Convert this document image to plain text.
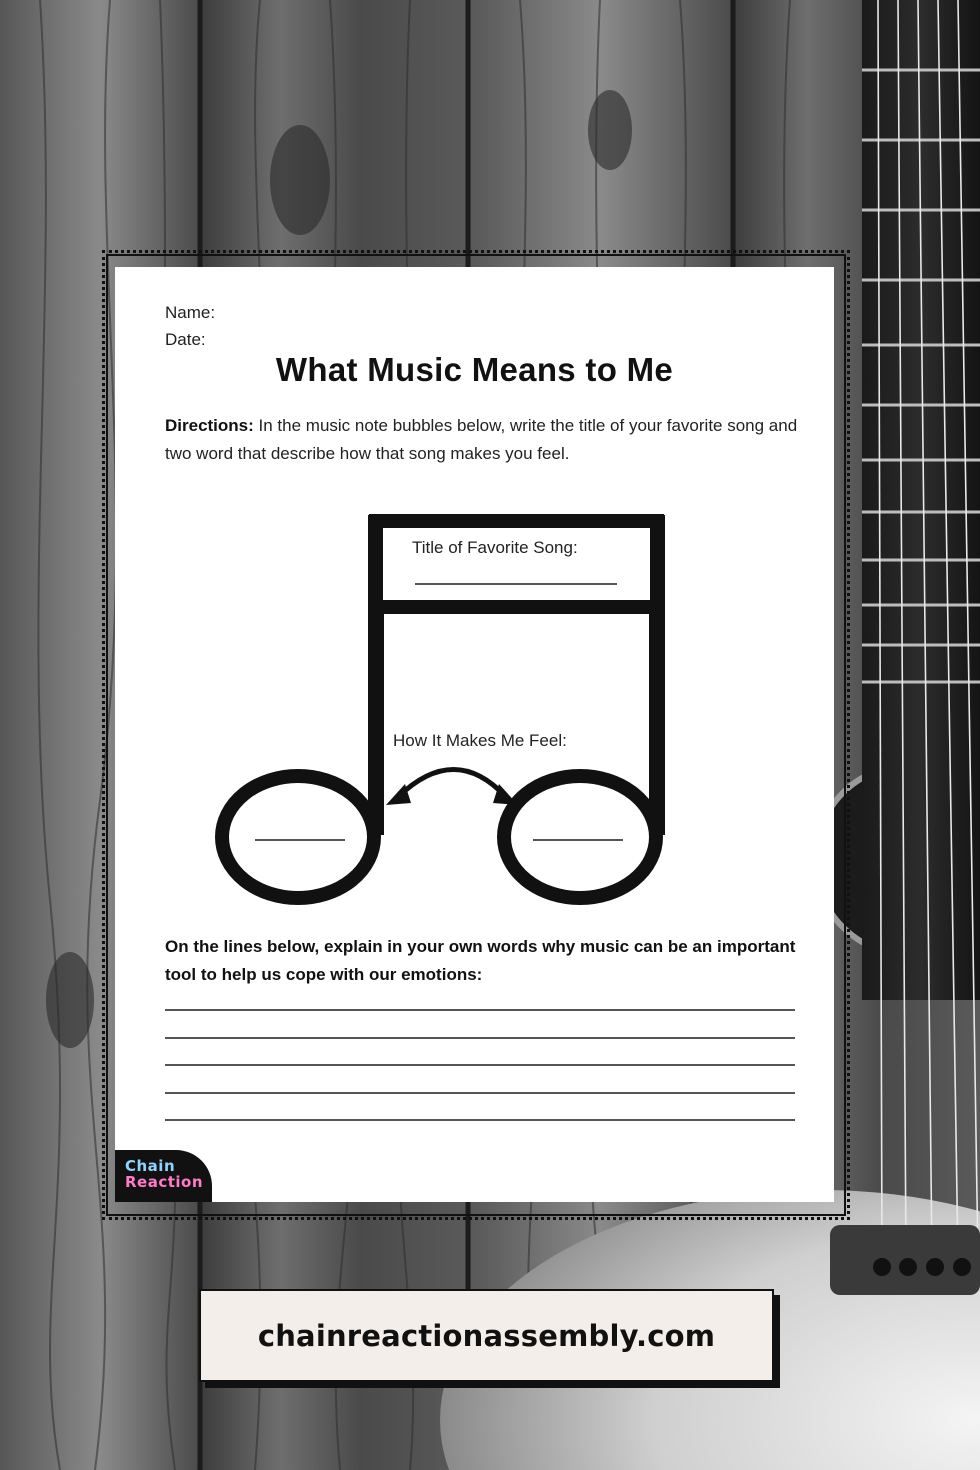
Name:
Date:
What Music Means to Me
Directions: In the music note bubbles below, write the title of your favorite song and two word that describe how that song makes you feel.
Title of Favorite Song:
How It Makes Me Feel:
On the lines below, explain in your own words why music can be an important tool to help us cope with our emotions:
Chain
Reaction
chainreactionassembly.com
